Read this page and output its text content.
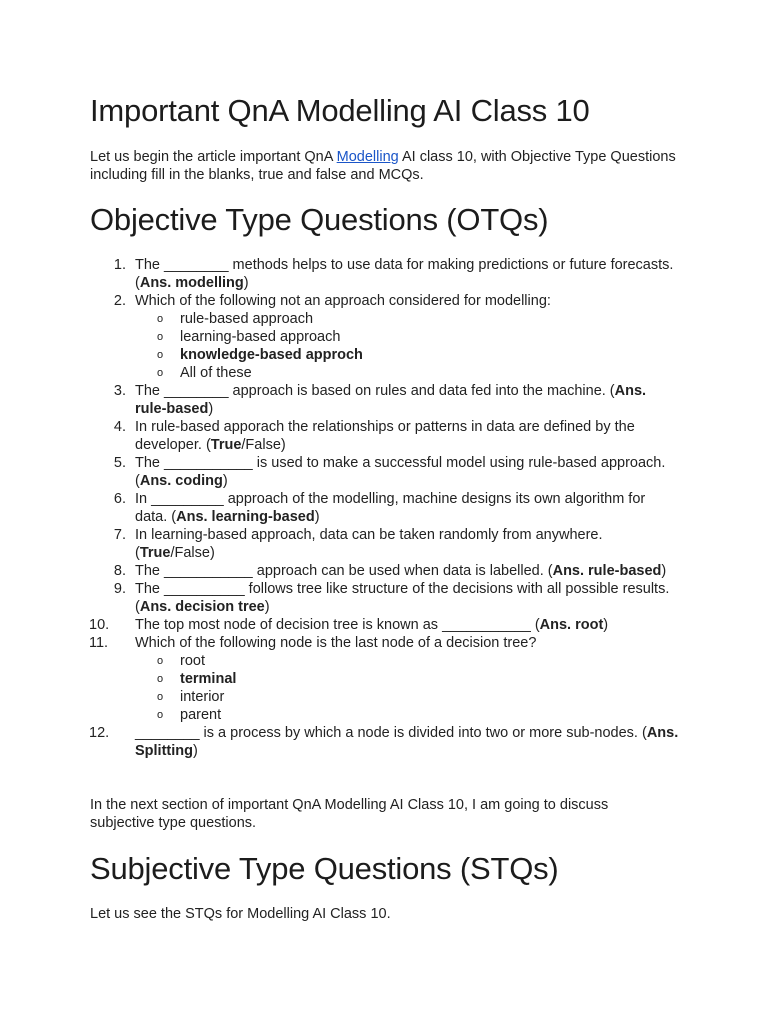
Important QnA Modelling AI Class 10

Let us begin the article important QnA Modelling AI class 10, with Objective Type Questions including fill in the blanks, true and false and MCQs.

Objective Type Questions (OTQs)
1. The ________ methods helps to use data for making predictions or future forecasts. (Ans. modelling)
2. Which of the following not an approach considered for modelling:
o rule-based approach
o learning-based approach
o knowledge-based approch
o All of these
3. The ________ approach is based on rules and data fed into the machine. (Ans. rule-based)
4. In rule-based apporach the relationships or patterns in data are defined by the developer. (True/False)
5. The ___________ is used to make a successful model using rule-based approach. (Ans. coding)
6. In _________ approach of the modelling, machine designs its own algorithm for data. (Ans. learning-based)
7. In learning-based approach, data can be taken randomly from anywhere. (True/False)
8. The ___________ approach can be used when data is labelled. (Ans. rule-based)
9. The __________ follows tree like structure of the decisions with all possible results. (Ans. decision tree)
10.	The top most node of decision tree is known as ___________ (Ans. root)
11.	Which of the following node is the last node of a decision tree?
o root
o terminal
o interior
o parent
12.	________ is a process by which a node is divided into two or more sub-nodes. (Ans. Splitting)

In the next section of important QnA Modelling AI Class 10, I am going to discuss subjective type questions.

Subjective Type Questions (STQs)

Let us see the STQs for Modelling AI Class 10.
